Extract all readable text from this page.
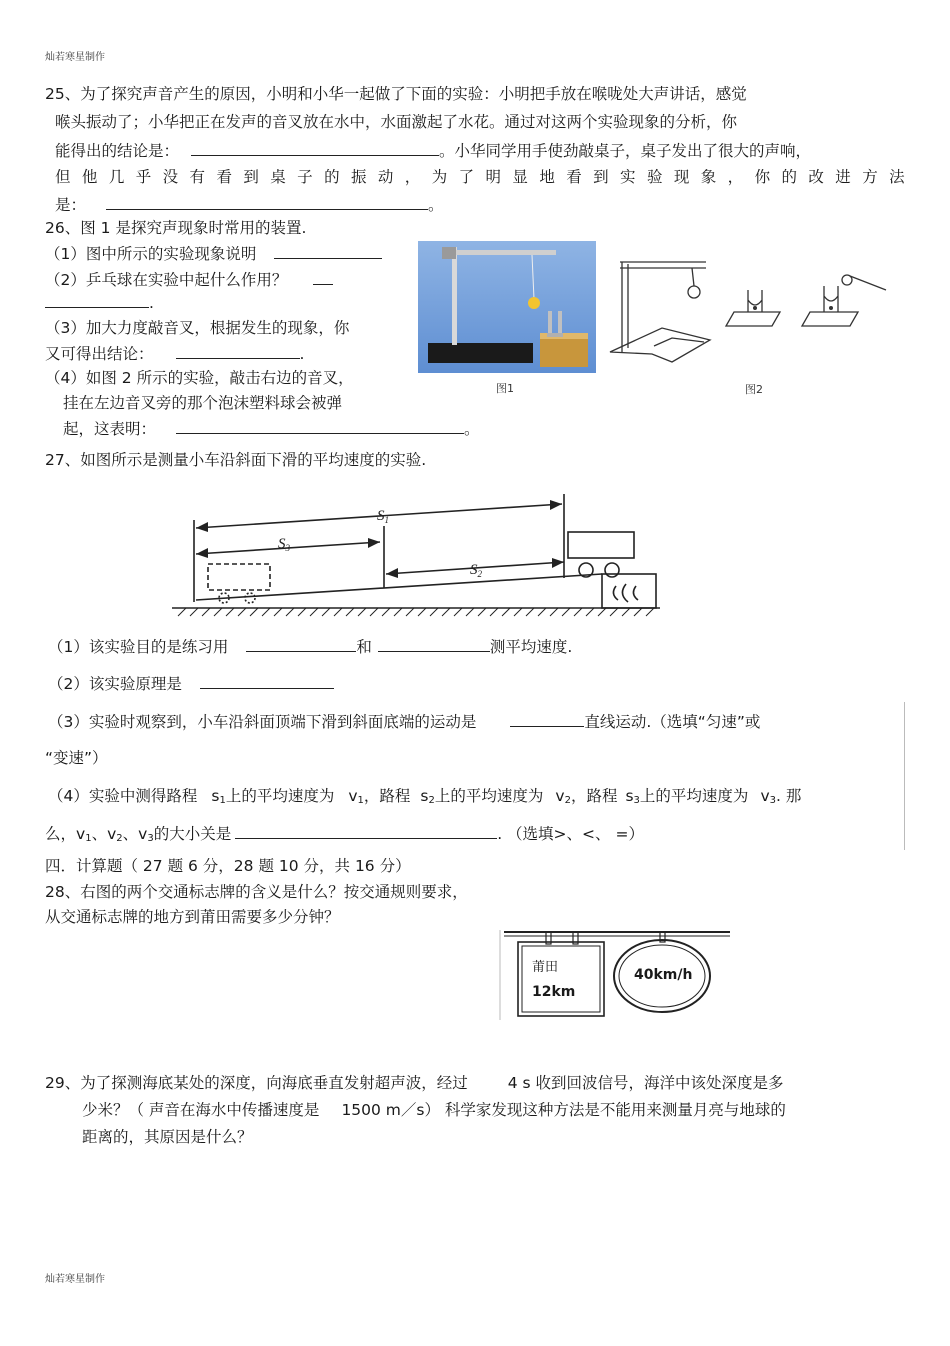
灿若寒星制作
灿若寒星制作
25、为了探究声音产生的原因，小明和小华一起做了下面的实验：小明把手放在喉咙处大声讲话，感觉
喉头振动了；小华把正在发声的音叉放在水中，水面激起了水花。通过对这两个实验现象的分析，你
能得出的结论是：	。小华同学用手使劲敲桌子，桌子发出了很大的声响，
但 他 几 乎 没 有 看 到 桌 子 的 振 动 ， 为 了 明 显 地 看 到 实 验 现 象 ， 你 的 改 进 方 法
是：	。
26、图 1 是探究声现象时常用的装置.
（1）图中所示的实验现象说明
（2）乒乓球在实验中起什么作用？
.
（3）加大力度敲音叉，根据发生的现象，你
又可得出结论：	.
（4）如图 2 所示的实验，敲击右边的音叉，
挂在左边音叉旁的那个泡沫塑料球会被弹
起，这表明：	。
图1	图2
27、如图所示是测量小车沿斜面下滑的平均速度的实验.
$S_1$
$S_3$
$S_2$
（1）该实验目的是练习用	和	测平均速度.
（2）该实验原理是
（3）实验时观察到，小车沿斜面顶端下滑到斜面底端的运动是	直线运动.（选填“匀速”或
“变速”）
（4）实验中测得路程 $s_1$上的平均速度为 $v_1$，路程 $s_2$上的平均速度为 $v_2$，路程 $s_3$上的平均速度为 $v_3$. 那
么，$v_1$、$v_2$、$v_3$的大小关是	. （选填>、<、 =）
四．计算题（ 27 题 6 分，28 题 10 分，共 16 分）
28、右图的两个交通标志牌的含义是什么？按交通规则要求，
从交通标志牌的地方到莆田需要多少分钟？
莆田
12km
40km/h
29、为了探测海底某处的深度，向海底垂直发射超声波，经过	4 s 收到回波信号，海洋中该处深度是多
少米？（ 声音在海水中传播速度是 1500 m／s） 科学家发现这种方法是不能用来测量月亮与地球的
距离的，其原因是什么？
